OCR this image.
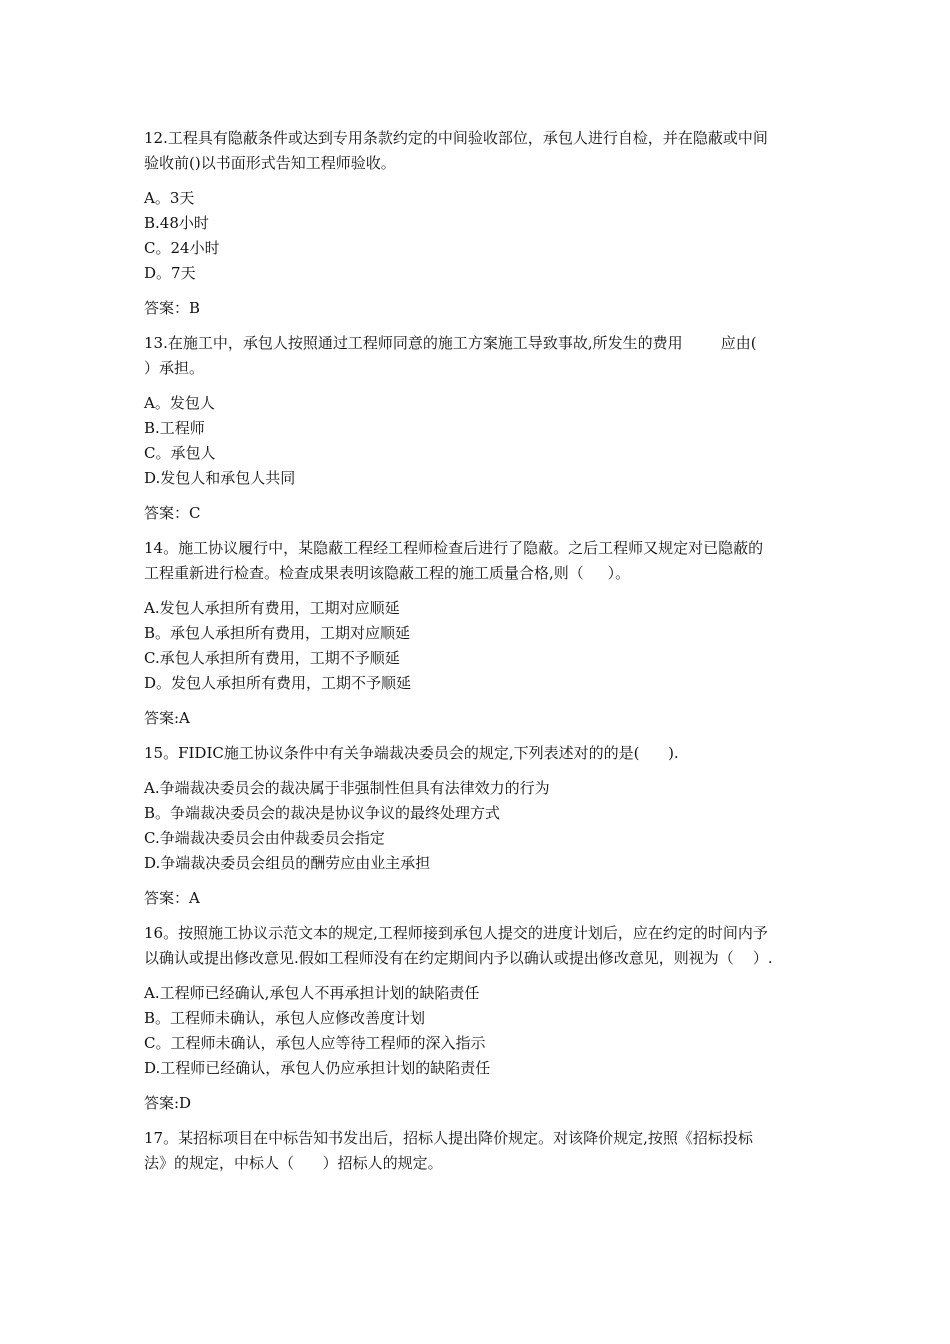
12.工程具有隐蔽条件或达到专用条款约定的中间验收部位，承包人进行自检，并在隐蔽或中间
验收前()以书面形式告知工程师验收。
A。3天
B.48小时
C。24小时
D。7天
答案：B
13.在施工中，承包人按照通过工程师同意的施工方案施工导致事故,所发生的费用        应由(
）承担。
A。发包人
B.工程师
C。承包人
D.发包人和承包人共同
答案：C
14。施工协议履行中，某隐蔽工程经工程师检查后进行了隐蔽。之后工程师又规定对已隐蔽的
工程重新进行检查。检查成果表明该隐蔽工程的施工质量合格,则（     ）。
A.发包人承担所有费用，工期对应顺延
B。承包人承担所有费用，工期对应顺延
C.承包人承担所有费用，工期不予顺延
D。发包人承担所有费用，工期不予顺延
答案:A
15。FIDIC施工协议条件中有关争端裁决委员会的规定,下列表述对的的是(      ).
A.争端裁决委员会的裁决属于非强制性但具有法律效力的行为
B。争端裁决委员会的裁决是协议争议的最终处理方式
C.争端裁决委员会由仲裁委员会指定
D.争端裁决委员会组员的酬劳应由业主承担
答案：A
16。按照施工协议示范文本的规定,工程师接到承包人提交的进度计划后，应在约定的时间内予
以确认或提出修改意见.假如工程师没有在约定期间内予以确认或提出修改意见，则视为（    ）.
A.工程师已经确认,承包人不再承担计划的缺陷责任
B。工程师未确认，承包人应修改善度计划
C。工程师未确认，承包人应等待工程师的深入指示
D.工程师已经确认，承包人仍应承担计划的缺陷责任
答案:D
17。某招标项目在中标告知书发出后，招标人提出降价规定。对该降价规定,按照《招标投标
法》的规定，中标人（      ）招标人的规定。
